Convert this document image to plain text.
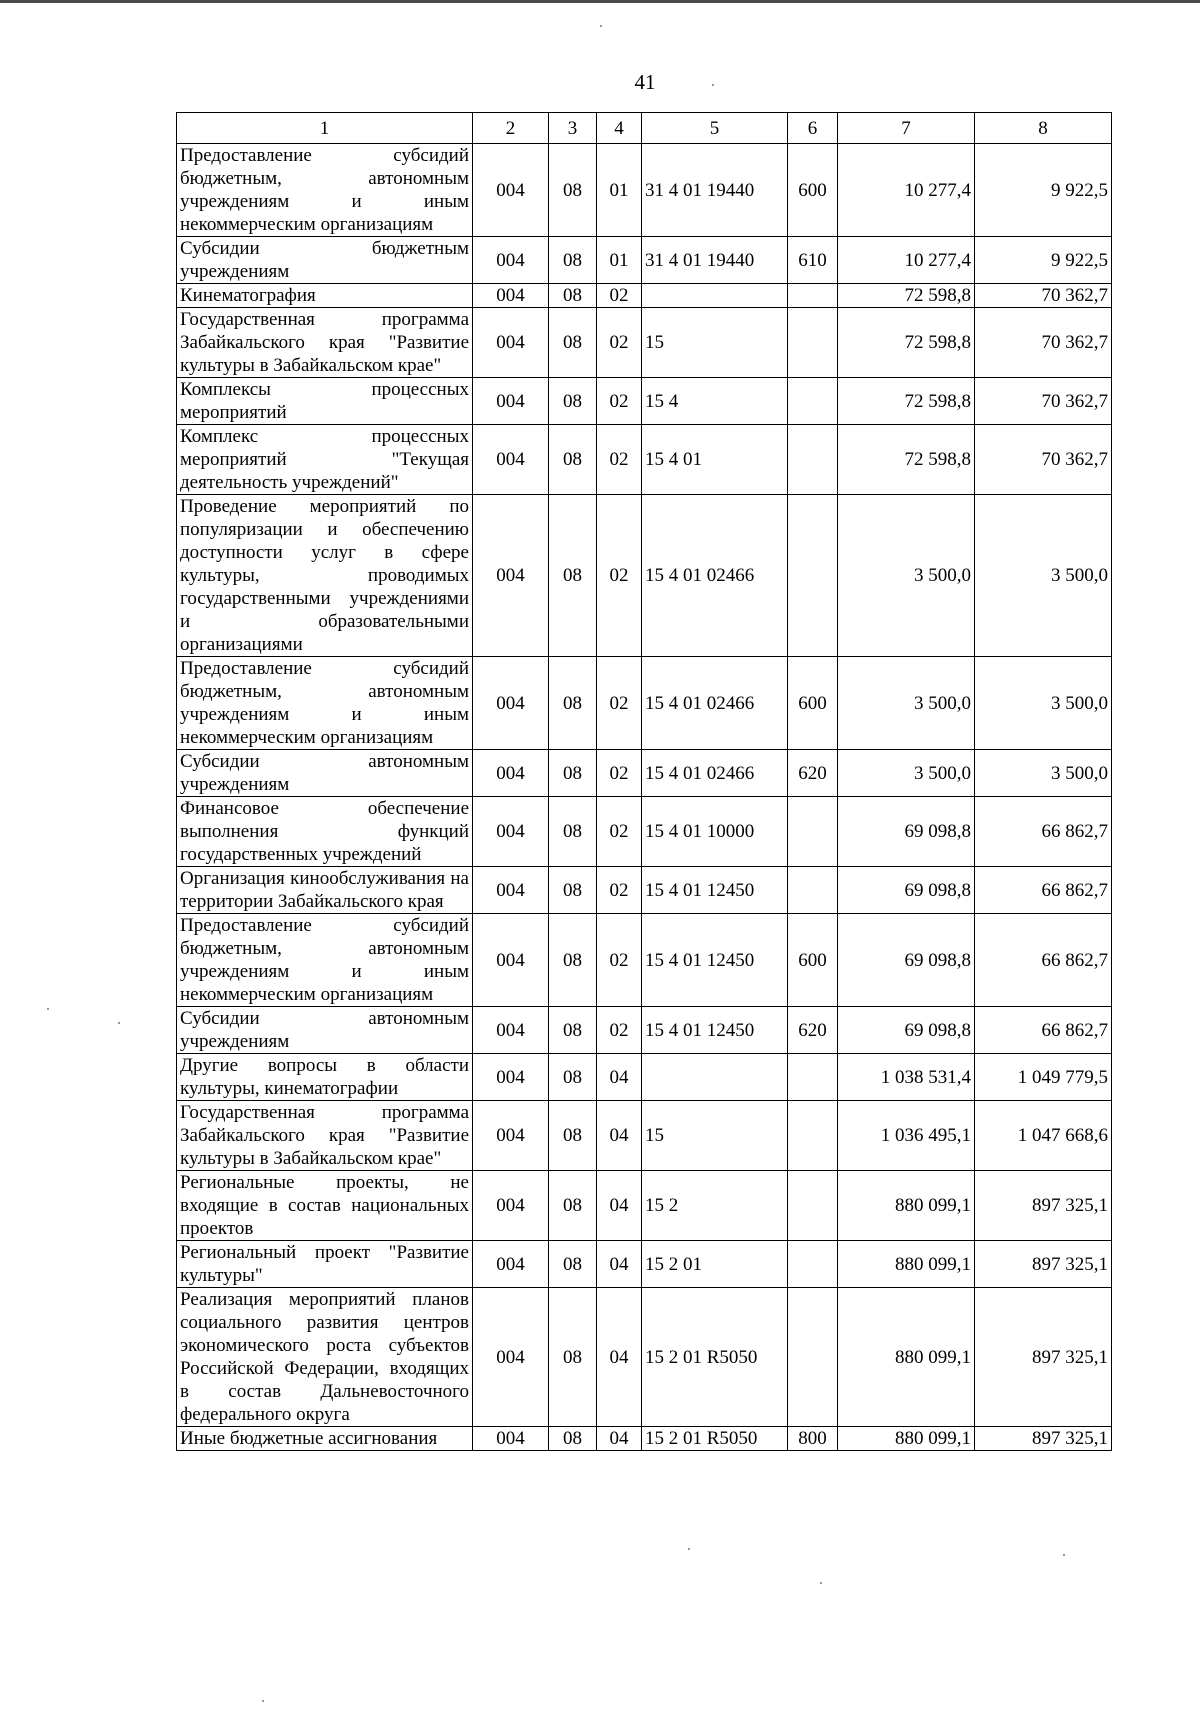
41
1	2	3	4	5	6	7	8
Предоставление субсидий бюджетным, автономным учреждениям и иным некоммерческим организациям	004	08	01	31 4 01 19440	600	10 277,4	9 922,5
Субсидии бюджетным учреждениям	004	08	01	31 4 01 19440	610	10 277,4	9 922,5
Кинематография	004	08	02			72 598,8	70 362,7
Государственная программа Забайкальского края "Развитие культуры в Забайкальском крае"	004	08	02	15		72 598,8	70 362,7
Комплексы процессных мероприятий	004	08	02	15 4		72 598,8	70 362,7
Комплекс процессных мероприятий "Текущая деятельность учреждений"	004	08	02	15 4 01		72 598,8	70 362,7
Проведение мероприятий по популяризации и обеспечению доступности услуг в сфере культуры, проводимых государственными учреждениями и образовательными организациями	004	08	02	15 4 01 02466		3 500,0	3 500,0
Предоставление субсидий бюджетным, автономным учреждениям и иным некоммерческим организациям	004	08	02	15 4 01 02466	600	3 500,0	3 500,0
Субсидии автономным учреждениям	004	08	02	15 4 01 02466	620	3 500,0	3 500,0
Финансовое обеспечение выполнения функций государственных учреждений	004	08	02	15 4 01 10000		69 098,8	66 862,7
Организация кинообслуживания на территории Забайкальского края	004	08	02	15 4 01 12450		69 098,8	66 862,7
Предоставление субсидий бюджетным, автономным учреждениям и иным некоммерческим организациям	004	08	02	15 4 01 12450	600	69 098,8	66 862,7
Субсидии автономным учреждениям	004	08	02	15 4 01 12450	620	69 098,8	66 862,7
Другие вопросы в области культуры, кинематографии	004	08	04			1 038 531,4	1 049 779,5
Государственная программа Забайкальского края "Развитие культуры в Забайкальском крае"	004	08	04	15		1 036 495,1	1 047 668,6
Региональные проекты, не входящие в состав национальных проектов	004	08	04	15 2		880 099,1	897 325,1
Региональный проект "Развитие культуры"	004	08	04	15 2 01		880 099,1	897 325,1
Реализация мероприятий планов социального развития центров экономического роста субъектов Российской Федерации, входящих в состав Дальневосточного федерального округа	004	08	04	15 2 01 R5050		880 099,1	897 325,1
Иные бюджетные ассигнования	004	08	04	15 2 01 R5050	800	880 099,1	897 325,1
